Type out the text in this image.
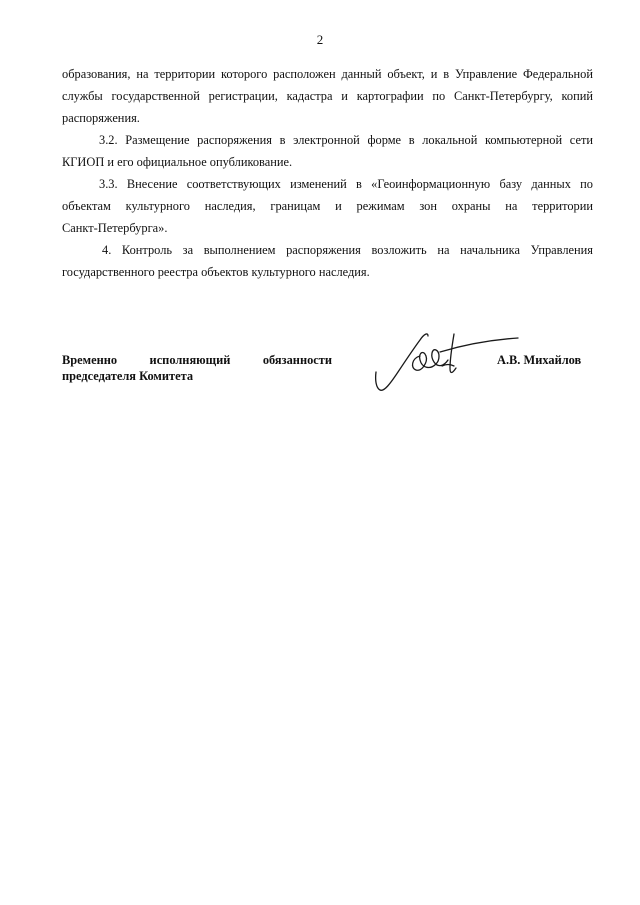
2
образования, на территории которого расположен данный объект, и в Управление Федеральной
службы государственной регистрации, кадастра и картографии по Санкт-Петербургу, копий
распоряжения.
3.2. Размещение распоряжения в электронной форме в локальной компьютерной сети
КГИОП и его официальное опубликование.
3.3. Внесение соответствующих изменений в «Геоинформационную базу данных по
объектам культурного наследия, границам и режимам зон охраны на территории
Санкт-Петербурга».
4. Контроль за выполнением распоряжения возложить на начальника Управления
государственного реестра объектов культурного наследия.
Временно исполняющий обязанности
председателя Комитета
А.В. Михайлов
